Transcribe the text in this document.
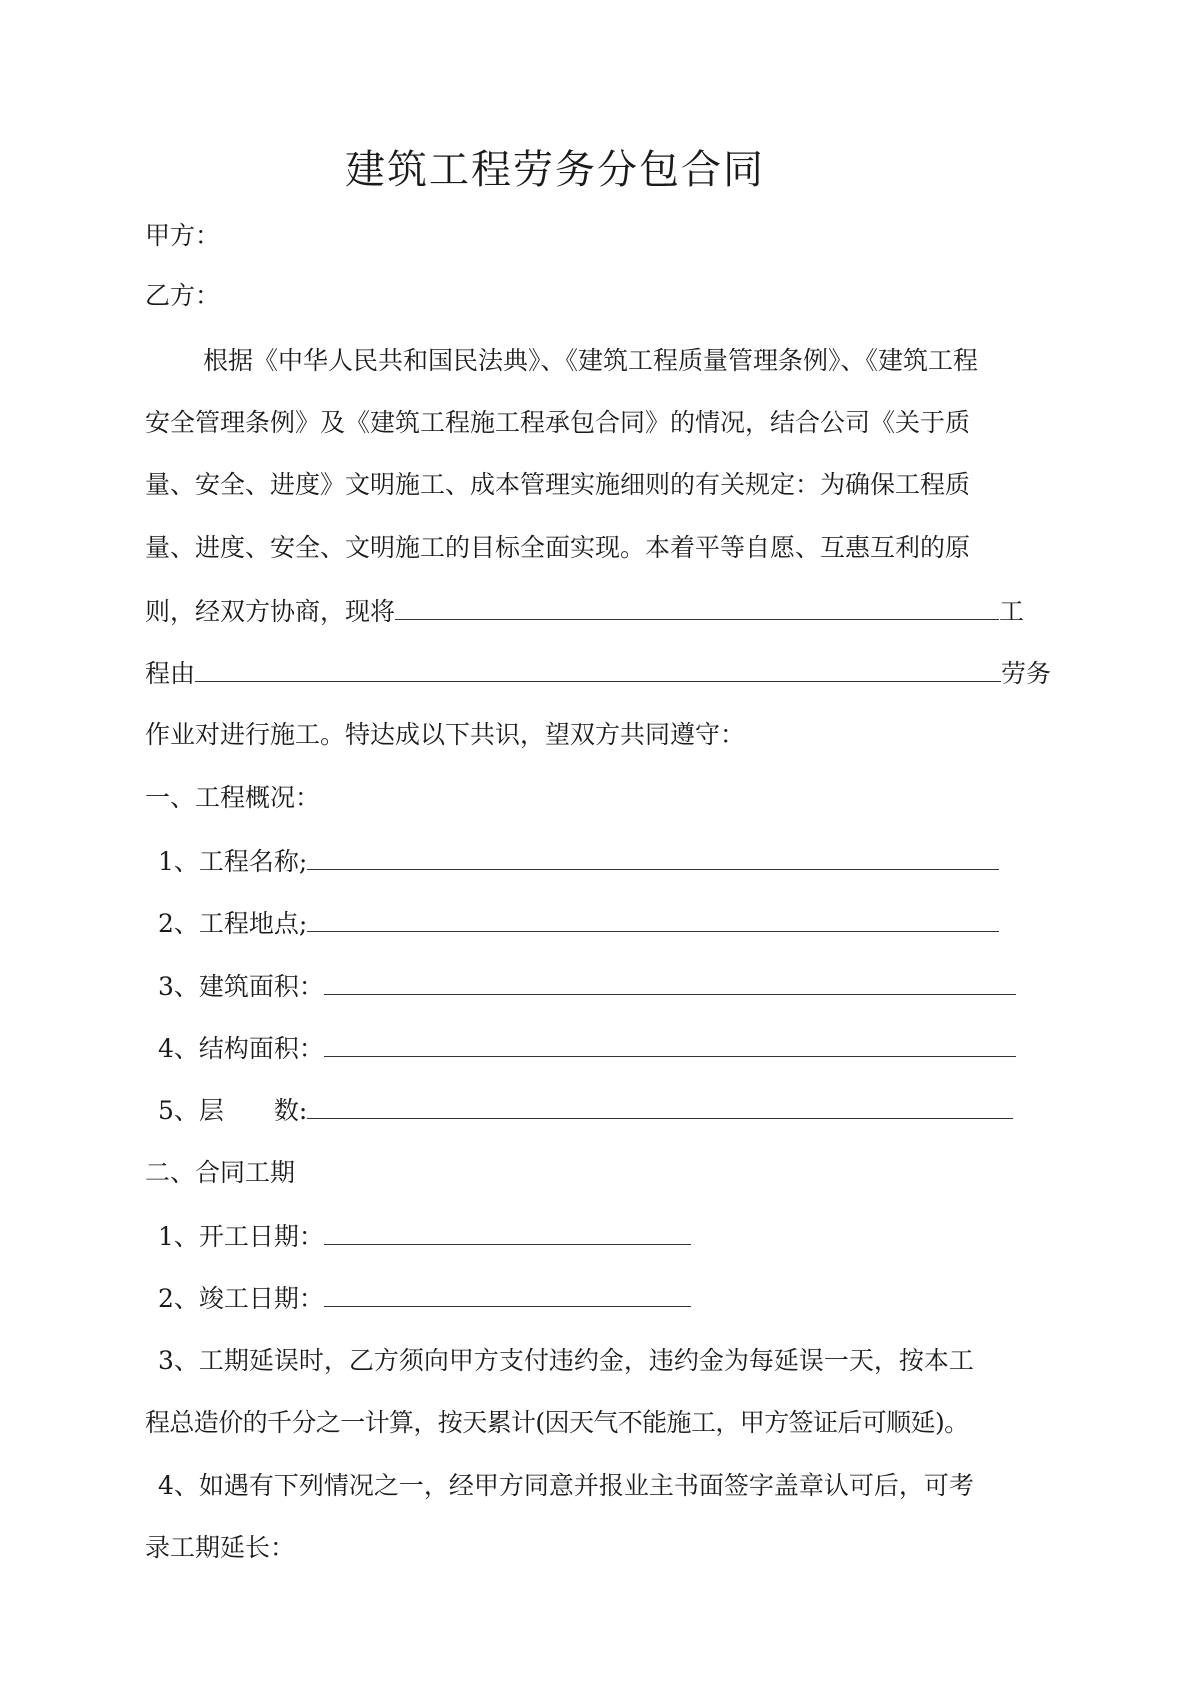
建筑工程劳务分包合同
甲方：
乙方：
根据《中华人民共和国民法典》、《建筑工程质量管理条例》、《建筑工程
安全管理条例》及《建筑工程施工程承包合同》的情况，结合公司《关于质
量、安全、进度》文明施工、成本管理实施细则的有关规定：为确保工程质
量、进度、安全、文明施工的目标全面实现。本着平等自愿、互惠互利的原
则，经双方协商，现将	工
程由	劳务
作业对进行施工。特达成以下共识，望双方共同遵守：
一、工程概况：
1、工程名称;
2、工程地点;
3、建筑面积：
4、结构面积：
5、层　　数:
二、合同工期
1、开工日期：
2、竣工日期：
3、工期延误时，乙方须向甲方支付违约金，违约金为每延误一天，按本工
程总造价的千分之一计算，按天累计(因天气不能施工，甲方签证后可顺延)。
4、如遇有下列情况之一，经甲方同意并报业主书面签字盖章认可后，可考
录工期延长：
